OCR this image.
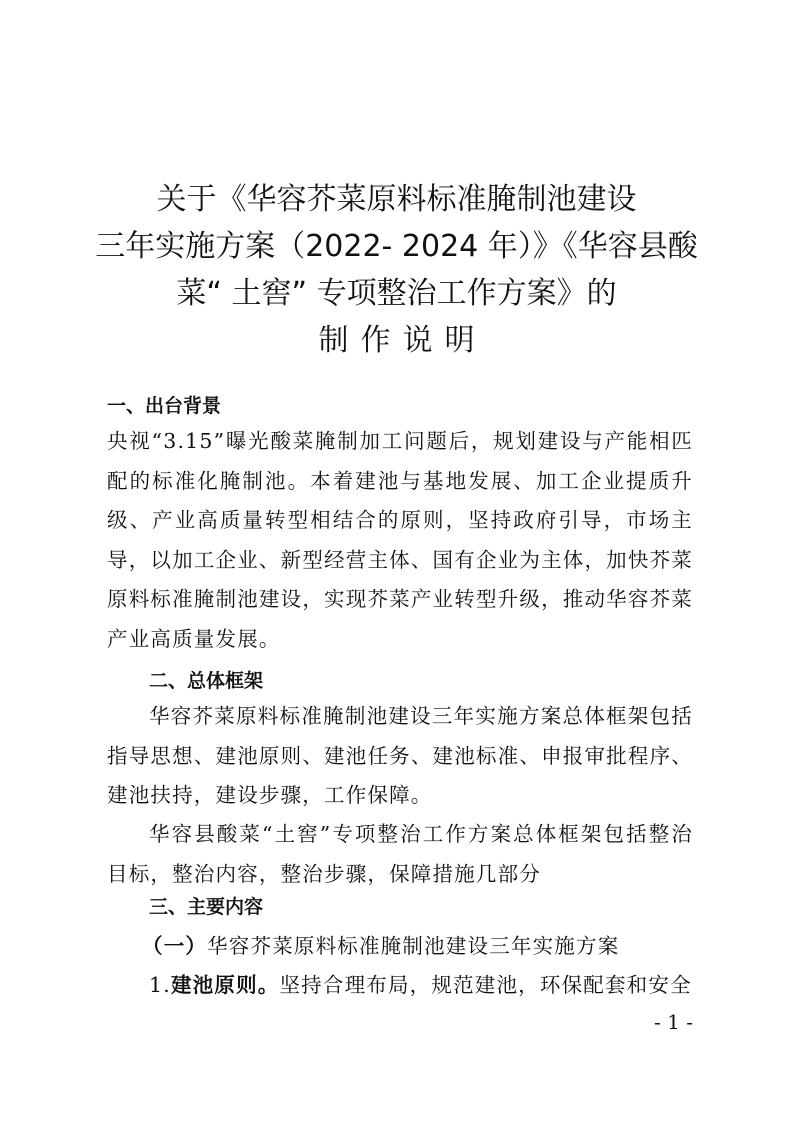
关于《华容芥菜原料标准腌制池建设
三年实施方案（2022- 2024 年）》《华容县酸
菜“ 土窖” 专项整治工作方案》的
制作说明
一、出台背景
央视“3.15”曝光酸菜腌制加工问题后，规划建设与产能相匹配的标准化腌制池。本着建池与基地发展、加工企业提质升级、产业高质量转型相结合的原则，坚持政府引导，市场主导，以加工企业、新型经营主体、国有企业为主体，加快芥菜原料标准腌制池建设，实现芥菜产业转型升级，推动华容芥菜产业高质量发展。
二、总体框架
华容芥菜原料标准腌制池建设三年实施方案总体框架包括指导思想、建池原则、建池任务、建池标准、申报审批程序、建池扶持，建设步骤，工作保障。
华容县酸菜“土窖”专项整治工作方案总体框架包括整治目标，整治内容，整治步骤，保障措施几部分
三、主要内容
（一）华容芥菜原料标准腌制池建设三年实施方案
1.建池原则。坚持合理布局，规范建池，环保配套和安全
- 1 -
